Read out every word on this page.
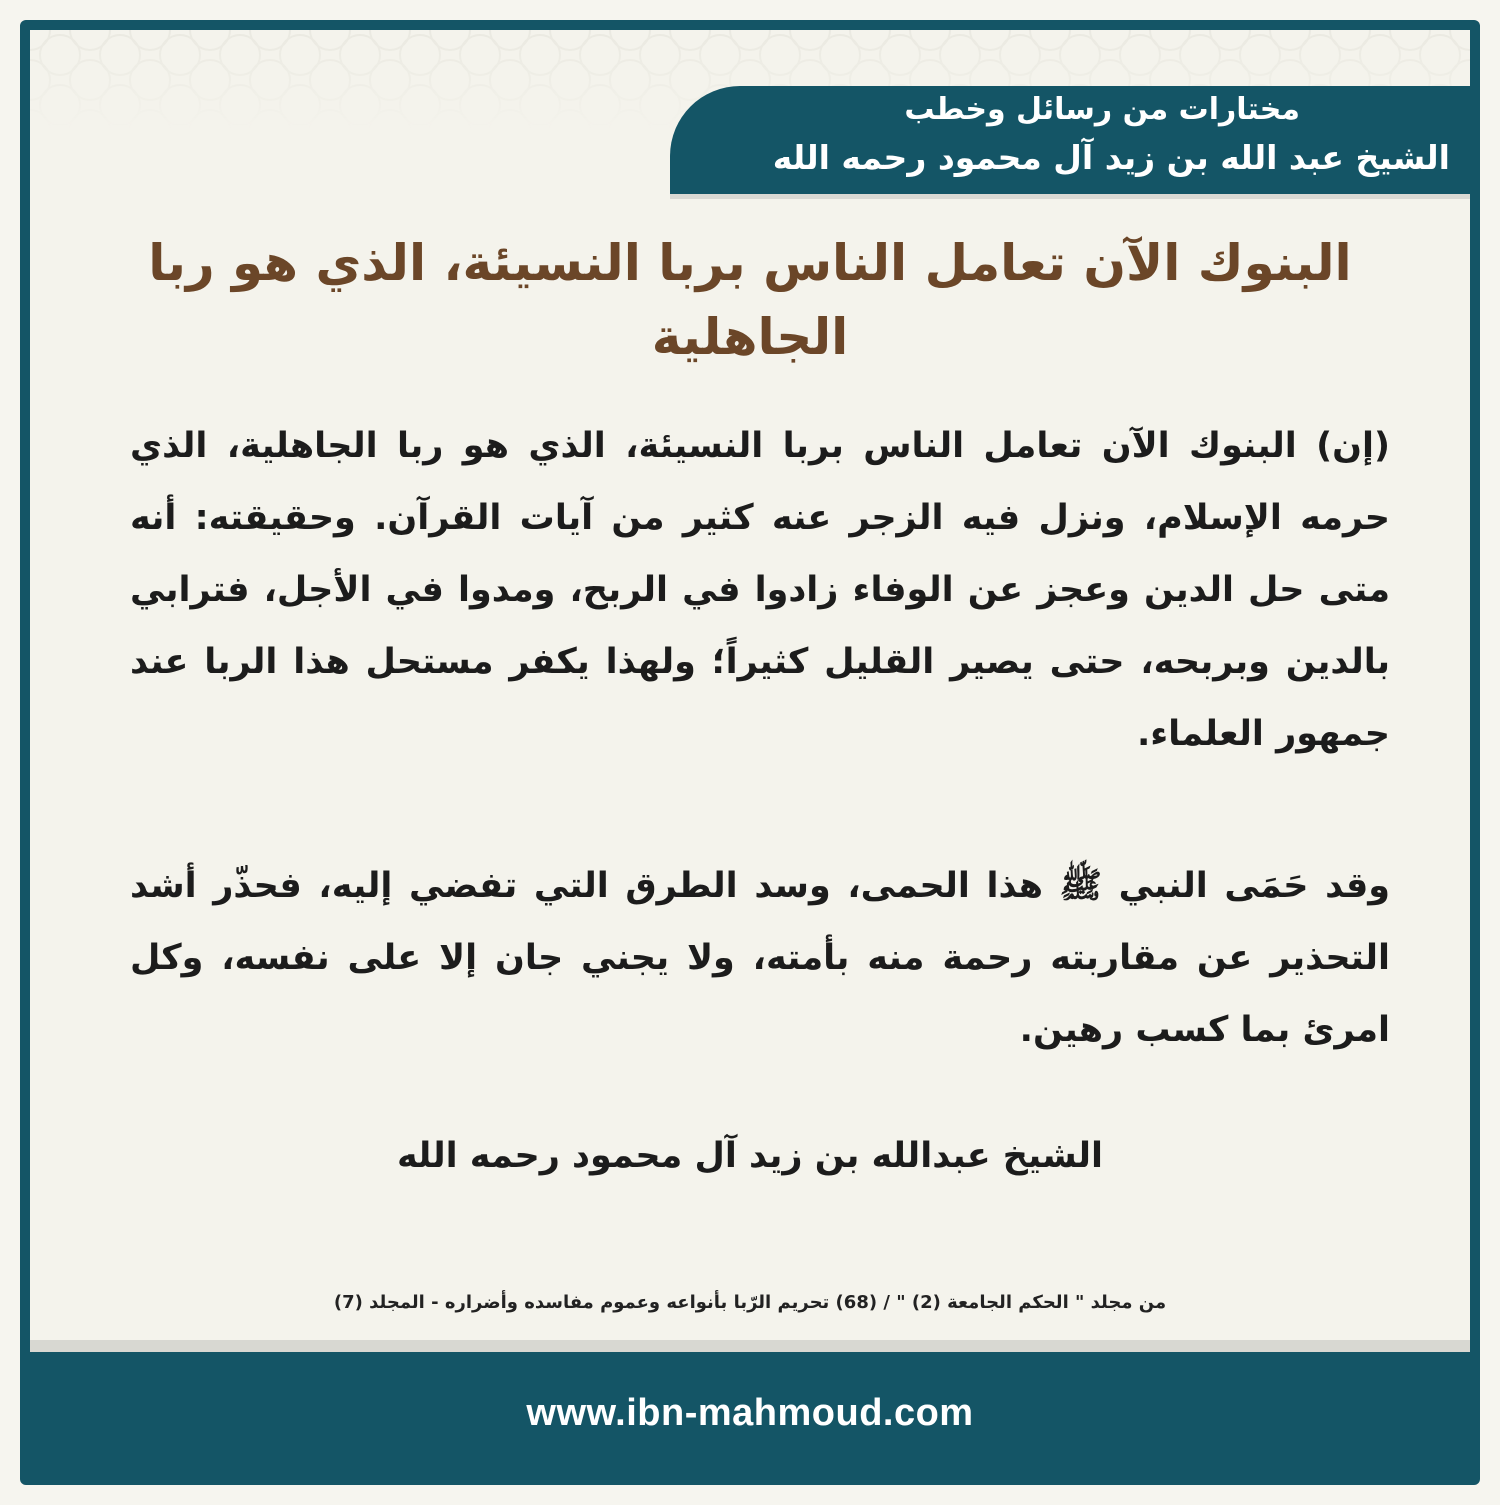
مختارات من رسائل وخطب

الشيخ عبد الله بن زيد آل محمود رحمه الله

البنوك الآن تعامل الناس بربا النسيئة، الذي هو ربا الجاهلية

(إن) البنوك الآن تعامل الناس بربا النسيئة، الذي هو ربا الجاهلية، الذي حرمه الإسلام، ونزل فيه الزجر عنه كثير من آيات القرآن. وحقيقته: أنه متى حل الدين وعجز عن الوفاء زادوا في الربح، ومدوا في الأجل، فترابي بالدين وبربحه، حتى يصير القليل كثيراً؛ ولهذا يكفر مستحل هذا الربا عند جمهور العلماء.

وقد حَمَى النبي ﷺ هذا الحمى، وسد الطرق التي تفضي إليه، فحذّر أشد التحذير عن مقاربته رحمة منه بأمته، ولا يجني جان إلا على نفسه، وكل امرئ بما كسب رهين.

الشيخ عبدالله بن زيد آل محمود رحمه الله

من مجلد " الحكم الجامعة (2) " / (68) تحريم الرّبا بأنواعه وعموم مفاسده وأضراره - المجلد (7)

www.ibn-mahmoud.com
